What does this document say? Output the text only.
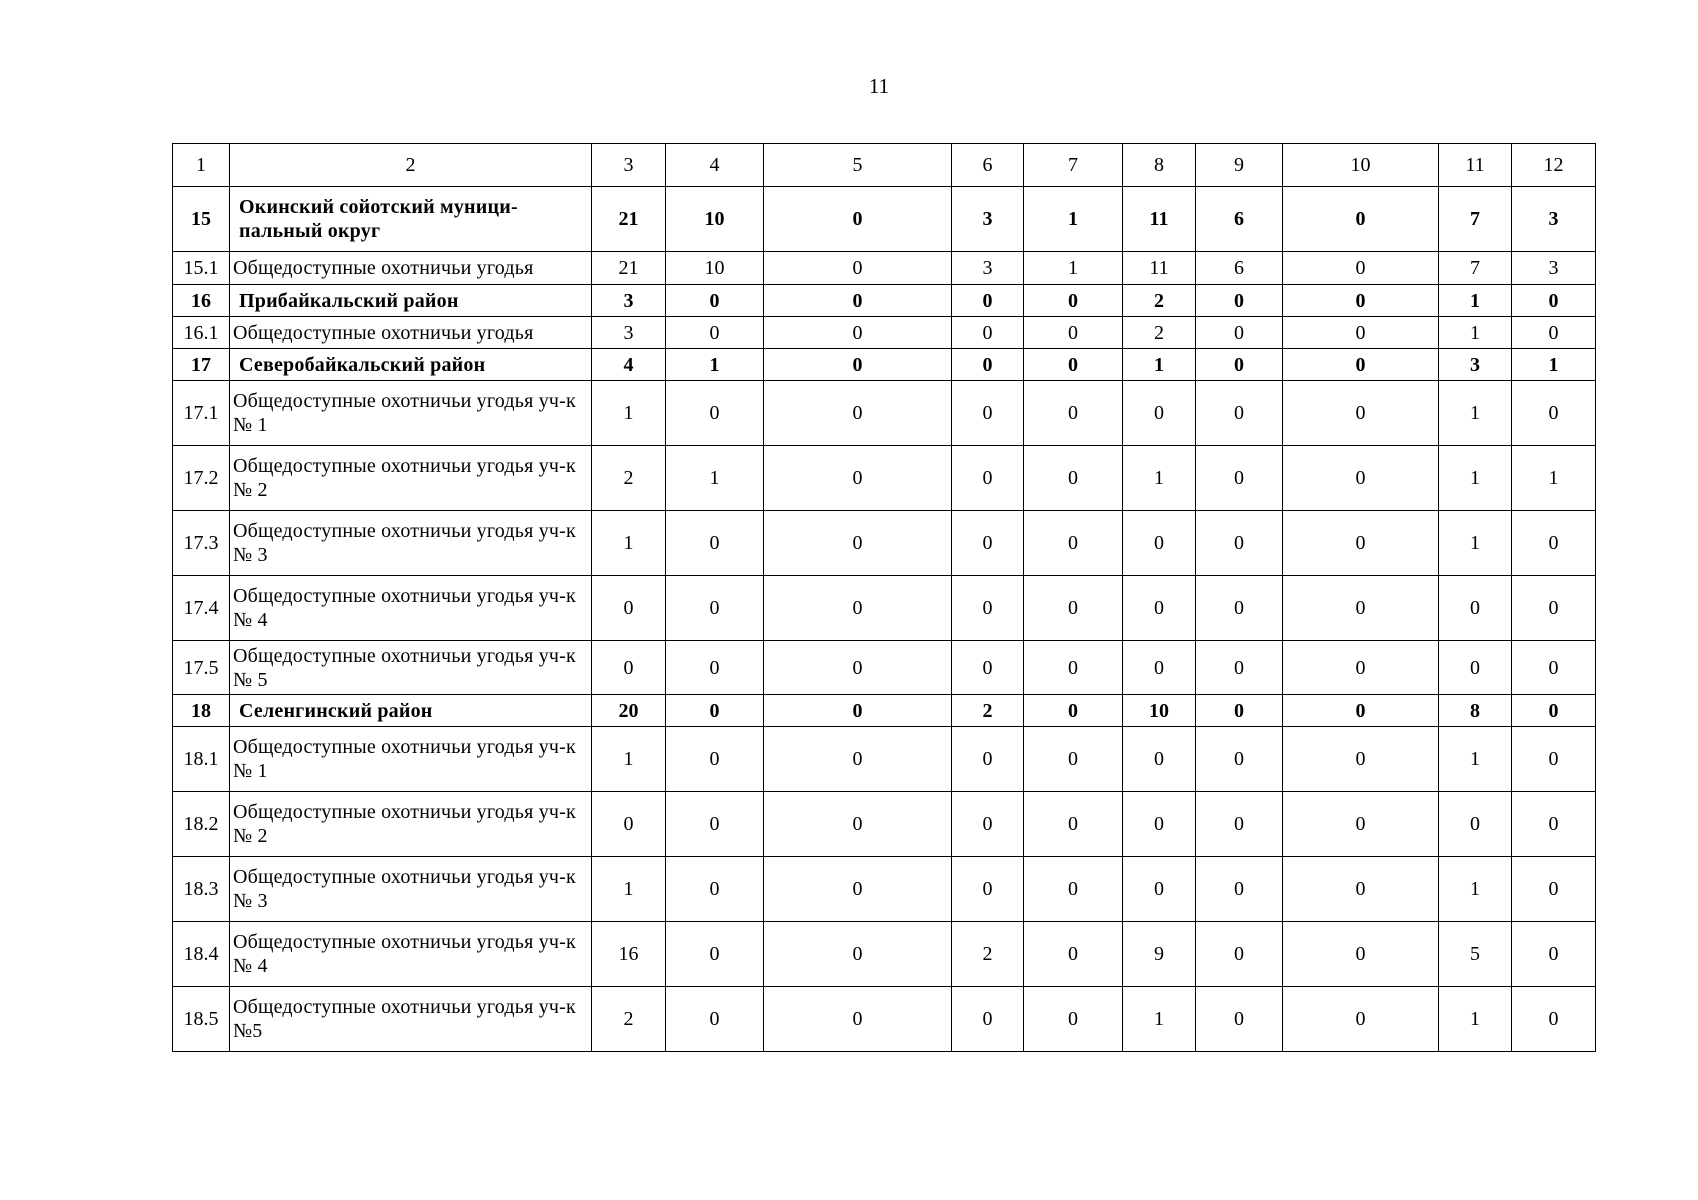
11
1	2	3	4	5	6	7	8	9	10	11	12
15	Окинский сойотский муници-пальный округ	21	10	0	3	1	11	6	0	7	3
15.1	Общедоступные охотничьи угодья	21	10	0	3	1	11	6	0	7	3
16	Прибайкальский район	3	0	0	0	0	2	0	0	1	0
16.1	Общедоступные охотничьи угодья	3	0	0	0	0	2	0	0	1	0
17	Северобайкальский район	4	1	0	0	0	1	0	0	3	1
17.1	Общедоступные охотничьи угодья уч-к № 1	1	0	0	0	0	0	0	0	1	0
17.2	Общедоступные охотничьи угодья уч-к № 2	2	1	0	0	0	1	0	0	1	1
17.3	Общедоступные охотничьи угодья уч-к № 3	1	0	0	0	0	0	0	0	1	0
17.4	Общедоступные охотничьи угодья уч-к № 4	0	0	0	0	0	0	0	0	0	0
17.5	Общедоступные охотничьи угодья уч-к № 5	0	0	0	0	0	0	0	0	0	0
18	Селенгинский район	20	0	0	2	0	10	0	0	8	0
18.1	Общедоступные охотничьи угодья уч-к № 1	1	0	0	0	0	0	0	0	1	0
18.2	Общедоступные охотничьи угодья уч-к № 2	0	0	0	0	0	0	0	0	0	0
18.3	Общедоступные охотничьи угодья уч-к № 3	1	0	0	0	0	0	0	0	1	0
18.4	Общедоступные охотничьи угодья уч-к № 4	16	0	0	2	0	9	0	0	5	0
18.5	Общедоступные охотничьи угодья уч-к №5	2	0	0	0	0	1	0	0	1	0
